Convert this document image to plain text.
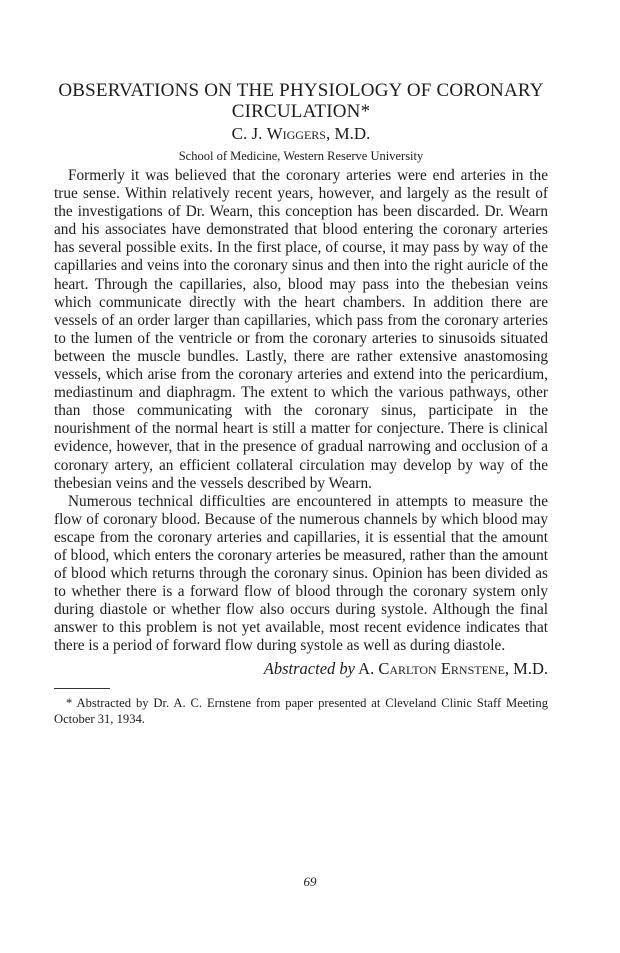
OBSERVATIONS ON THE PHYSIOLOGY OF CORONARY
CIRCULATION*
C. J. Wiggers, M.D.
School of Medicine, Western Reserve University

Formerly it was believed that the coronary arteries were end arteries in the true sense. Within relatively recent years, however, and largely as the result of the investigations of Dr. Wearn, this conception has been discarded. Dr. Wearn and his associates have demonstrated that blood entering the coronary arteries has several possible exits. In the first place, of course, it may pass by way of the capillaries and veins into the coronary sinus and then into the right auricle of the heart. Through the capillaries, also, blood may pass into the thebesian veins which communicate directly with the heart chambers. In addition there are vessels of an order larger than capillaries, which pass from the coronary arteries to the lumen of the ventricle or from the coronary arteries to sinusoids situated between the muscle bundles. Lastly, there are rather extensive anastomosing vessels, which arise from the coronary arteries and extend into the pericardium, mediastinum and diaphragm. The extent to which the various pathways, other than those communicating with the coronary sinus, participate in the nourishment of the normal heart is still a matter for conjecture. There is clinical evidence, however, that in the presence of gradual narrowing and occlusion of a coronary artery, an efficient collateral circulation may develop by way of the thebesian veins and the vessels described by Wearn.

Numerous technical difficulties are encountered in attempts to measure the flow of coronary blood. Because of the numerous channels by which blood may escape from the coronary arteries and capillaries, it is essential that the amount of blood, which enters the coronary arteries be measured, rather than the amount of blood which returns through the coronary sinus. Opinion has been divided as to whether there is a forward flow of blood through the coronary system only during diastole or whether flow also occurs during systole. Although the final answer to this problem is not yet available, most recent evidence indicates that there is a period of forward flow during systole as well as during diastole.

Abstracted by A. Carlton Ernstene, M.D.

* Abstracted by Dr. A. C. Ernstene from paper presented at Cleveland Clinic Staff Meeting October 31, 1934.

69
